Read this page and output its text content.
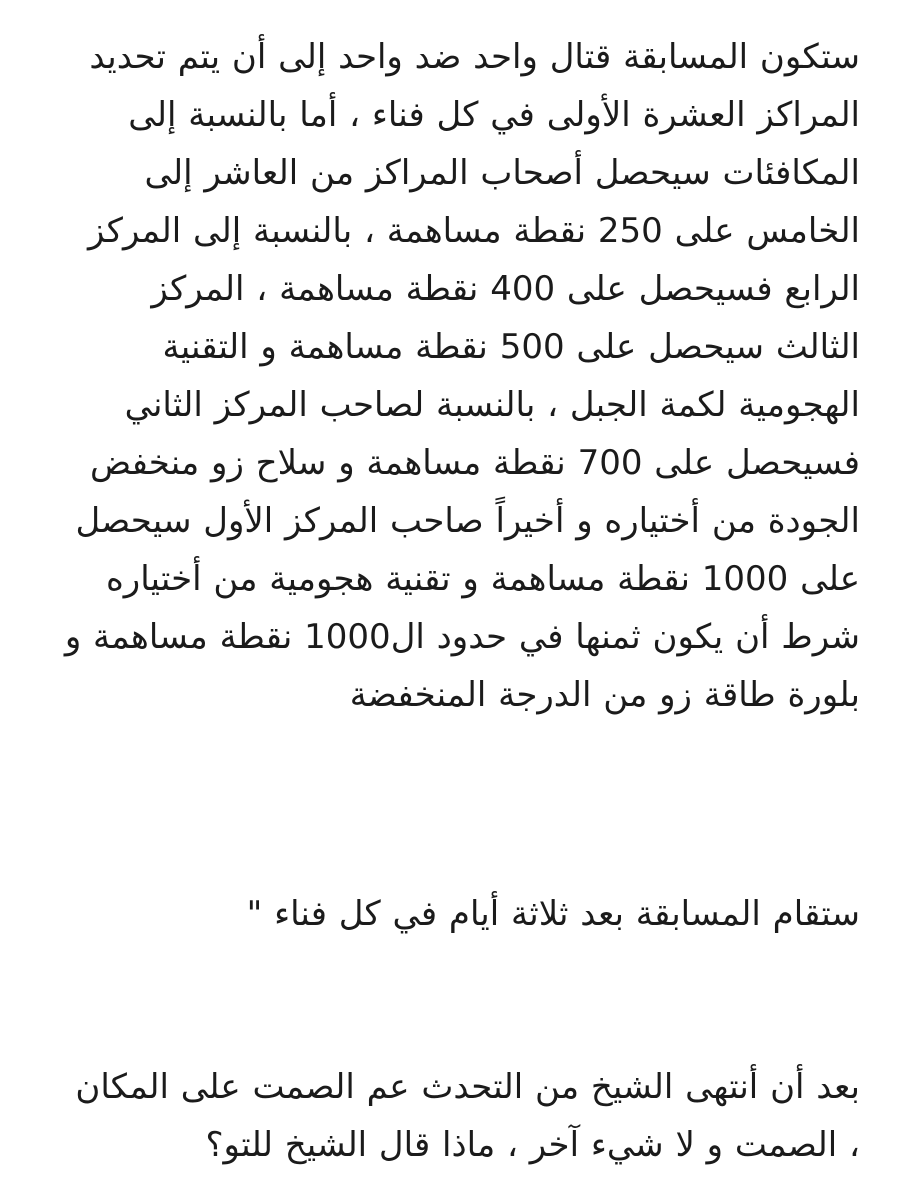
ستكون المسابقة قتال واحد ضد واحد إلى أن يتم تحديد المراكز العشرة الأولى في كل فناء ، أما بالنسبة إلى المكافئات سيحصل أصحاب المراكز من العاشر إلى الخامس على 250 نقطة مساهمة ، بالنسبة إلى المركز الرابع فسيحصل على 400 نقطة مساهمة ، المركز الثالث سيحصل على 500 نقطة مساهمة و التقنية الهجومية لكمة الجبل ، بالنسبة لصاحب المركز الثاني فسيحصل على 700 نقطة مساهمة و سلاح زو منخفض الجودة من أختياره و أخيراً صاحب المركز الأول سيحصل على 1000 نقطة مساهمة و تقنية هجومية من أختياره شرط أن يكون ثمنها في حدود ال1000 نقطة مساهمة و بلورة طاقة زو من الدرجة المنخفضة

ستقام المسابقة بعد ثلاثة أيام في كل فناء "

بعد أن أنتهى الشيخ من التحدث عم الصمت على المكان ، الصمت و لا شيء آخر ، ماذا قال الشيخ للتو؟
